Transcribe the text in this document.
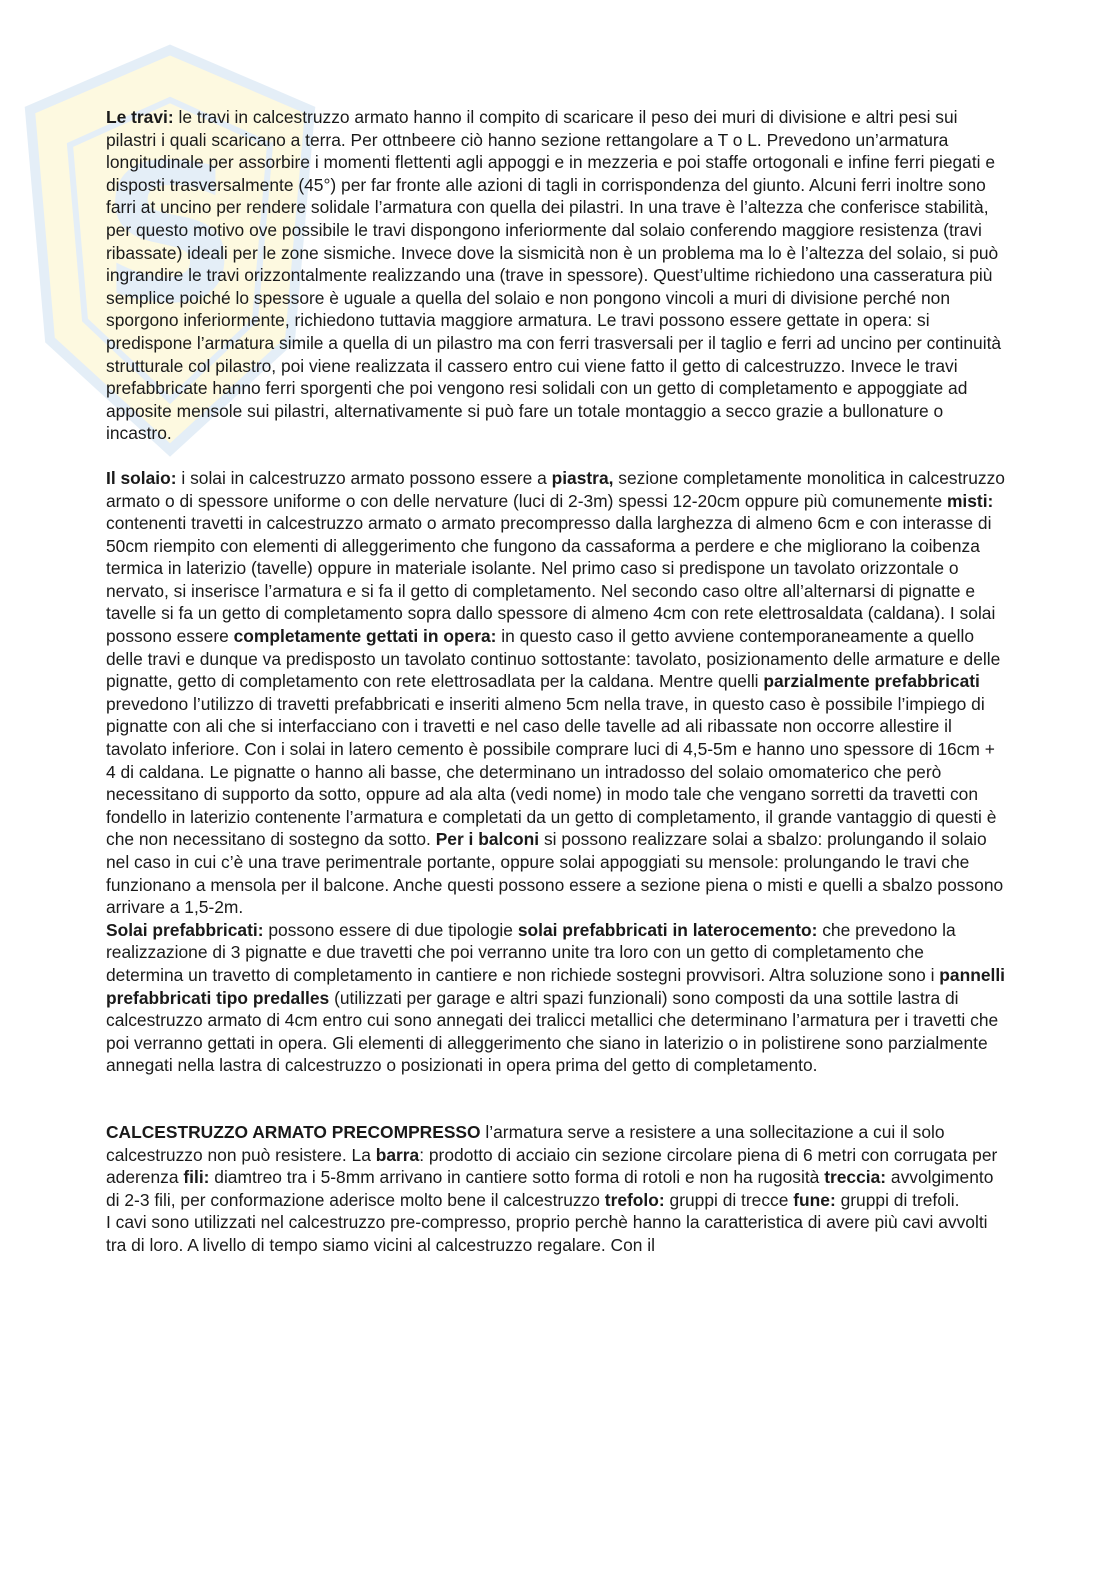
S

Le travi: le travi in calcestruzzo armato hanno il compito di scaricare il peso dei muri di divisione e altri pesi sui pilastri i quali scaricano a terra. Per ottnbeere ciò hanno sezione rettangolare a T o L. Prevedono un’armatura longitudinale per assorbire i momenti flettenti agli appoggi e in mezzeria e poi staffe ortogonali e infine ferri piegati e disposti trasversalmente (45°) per far fronte alle azioni di tagli in corrispondenza del giunto. Alcuni ferri inoltre sono farri at uncino per rendere solidale l’armatura con quella dei pilastri. In una trave è l’altezza che conferisce stabilità, per questo motivo ove possibile le travi dispongono inferiormente dal solaio conferendo maggiore resistenza (travi ribassate) ideali per le zone sismiche. Invece dove la sismicità non è un problema ma lo è l’altezza del solaio, si può ingrandire le travi orizzontalmente realizzando una (trave in spessore). Quest’ultime richiedono una casseratura più semplice poiché lo spessore è uguale a quella del solaio e non pongono vincoli a muri di divisione perché non sporgono inferiormente, richiedono tuttavia maggiore armatura. Le travi possono essere gettate in opera: si predispone l’armatura simile a quella di un pilastro ma con ferri trasversali per il taglio e ferri ad uncino per continuità strutturale col pilastro, poi viene realizzata il cassero entro cui viene fatto il getto di calcestruzzo. Invece le travi prefabbricate hanno ferri sporgenti che poi vengono resi solidali con un getto di completamento e appoggiate ad apposite mensole sui pilastri, alternativamente si può fare un totale montaggio a secco grazie a bullonature o incastro.

Il solaio: i solai in calcestruzzo armato possono essere a piastra, sezione completamente monolitica in calcestruzzo armato o di spessore uniforme o con delle nervature (luci di 2-3m) spessi 12-20cm oppure più comunemente misti: contenenti travetti in calcestruzzo armato o armato precompresso dalla larghezza di almeno 6cm e con interasse di 50cm riempito con elementi di alleggerimento che fungono da cassaforma a perdere e che migliorano la coibenza termica in laterizio (tavelle) oppure in materiale isolante. Nel primo caso si predispone un tavolato orizzontale o nervato, si inserisce l’armatura e si fa il getto di completamento. Nel secondo caso oltre all’alternarsi di pignatte e tavelle si fa un getto di completamento sopra dallo spessore di almeno 4cm con rete elettrosaldata (caldana). I solai possono essere completamente gettati in opera: in questo caso il getto avviene contemporaneamente a quello delle travi e dunque va predisposto un tavolato continuo sottostante: tavolato, posizionamento delle armature e delle pignatte, getto di completamento con rete elettrosadlata per la caldana. Mentre quelli parzialmente prefabbricati prevedono l’utilizzo di travetti prefabbricati e inseriti almeno 5cm nella trave, in questo caso è possibile l’impiego di pignatte con ali che si interfacciano con i travetti e nel caso delle tavelle ad ali ribassate non occorre allestire il tavolato inferiore. Con i solai in latero cemento è possibile comprare luci di 4,5-5m e hanno uno spessore di 16cm + 4 di caldana. Le pignatte o hanno ali basse, che determinano un intradosso del solaio omomaterico che però necessitano di supporto da sotto, oppure ad ala alta (vedi nome) in modo tale che vengano sorretti da travetti con fondello in laterizio contenente l’armatura e completati da un getto di completamento, il grande vantaggio di questi è che non necessitano di sostegno da sotto. Per i balconi si possono realizzare solai a sbalzo: prolungando il solaio nel caso in cui c’è una trave perimentrale portante, oppure solai appoggiati su mensole: prolungando le travi che funzionano a mensola per il balcone. Anche questi possono essere a sezione piena o misti e quelli a sbalzo possono arrivare a 1,5-2m.

Solai prefabbricati: possono essere di due tipologie solai prefabbricati in laterocemento: che prevedono la realizzazione di 3 pignatte e due travetti che poi verranno unite tra loro con un getto di completamento che determina un travetto di completamento in cantiere e non richiede sostegni provvisori. Altra soluzione sono i pannelli prefabbricati tipo predalles (utilizzati per garage e altri spazi funzionali) sono composti da una sottile lastra di calcestruzzo armato di 4cm entro cui sono annegati dei tralicci metallici che determinano l’armatura per i travetti che poi verranno gettati in opera. Gli elementi di alleggerimento che siano in laterizio o in polistirene sono parzialmente annegati nella lastra di calcestruzzo o posizionati in opera prima del getto di completamento.

CALCESTRUZZO ARMATO PRECOMPRESSO l’armatura serve a resistere a una sollecitazione a cui il solo calcestruzzo non può resistere. La barra: prodotto di acciaio cin sezione circolare piena di 6 metri con corrugata per aderenza fili: diamtreo tra i 5-8mm arrivano in cantiere sotto forma di rotoli e non ha rugosità treccia: avvolgimento di 2-3 fili, per conformazione aderisce molto bene il calcestruzzo trefolo: gruppi di trecce fune: gruppi di trefoli.

I cavi sono utilizzati nel calcestruzzo pre-compresso, proprio perchè hanno la caratteristica di avere più cavi avvolti tra di loro. A livello di tempo siamo vicini al calcestruzzo regalare. Con il
